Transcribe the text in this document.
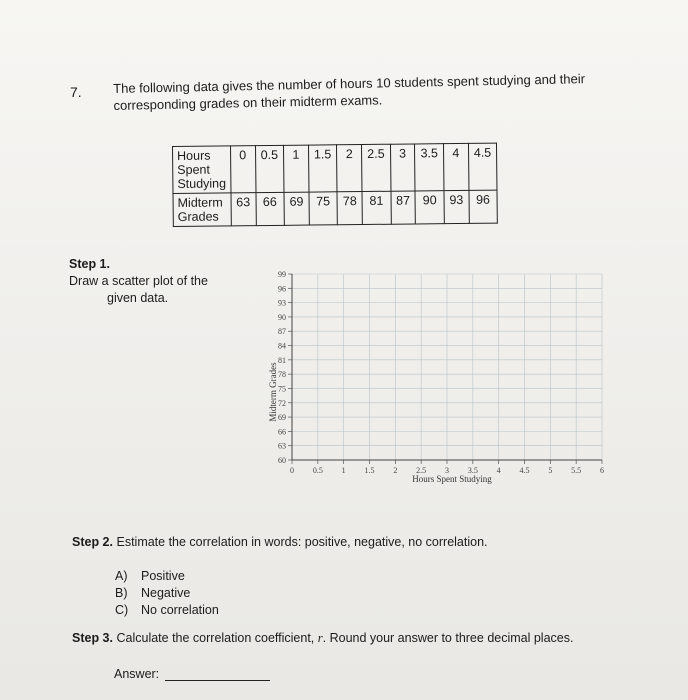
7. The following data gives the number of hours 10 students spent studying and their corresponding grades on their midterm exams.
Hours Spent Studying	0	0.5	1	1.5	2	2.5	3	3.5	4	4.5
Midterm Grades	63	66	69	75	78	81	87	90	93	96
Step 1.
Draw a scatter plot of the
given data.
99
96
93
90
87
84
81
78
75
72
69
66
63
60
0 0.5 1 1.5 2 2.5 3 3.5 4 4.5 5 5.5 6
Midterm Grades
Hours Spent Studying
Step 2. Estimate the correlation in words: positive, negative, no correlation.
A)	Positive
B)	Negative
C)	No correlation
Step 3. Calculate the correlation coefficient, r. Round your answer to three decimal places.
Answer:
